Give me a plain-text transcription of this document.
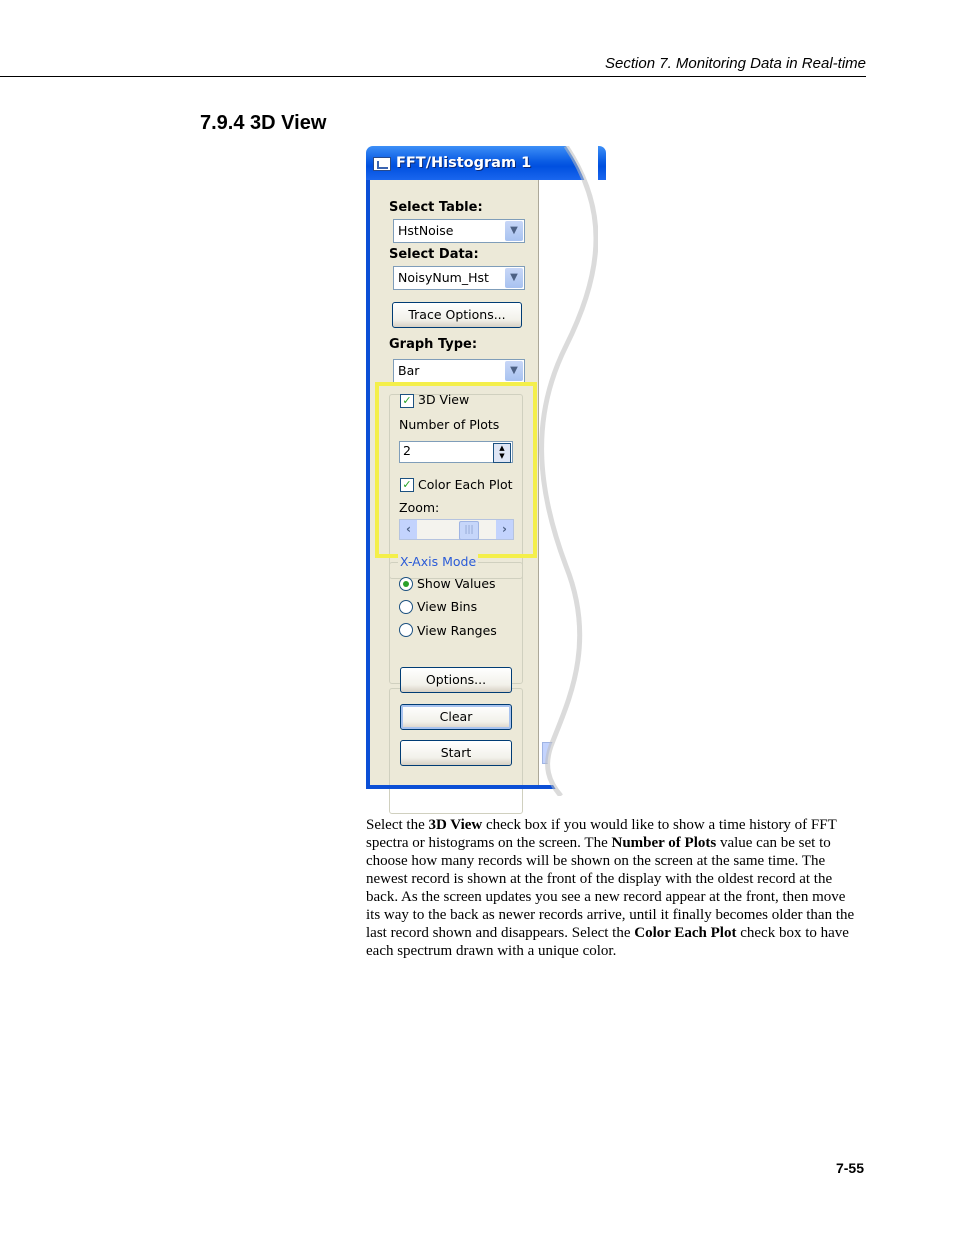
Section 7. Monitoring Data in Real-time
7.9.4 3D View
FFT/Histogram 1
Select Table:
HstNoise	▼
Select Data:
NoisyNum_Hst	▼
Trace Options...
Graph Type:
Bar	▼
✓ 3D View
Number of Plots
2	▲
▼
✓ Color Each Plot
Zoom:
‹	|||	›
X-Axis Mode
Show Values
View Bins
View Ranges
Options...
Clear
Start
Select the 3D View check box if you would like to show a time history of FFT spectra or histograms on the screen. The Number of Plots value can be set to choose how many records will be shown on the screen at the same time. The newest record is shown at the front of the display with the oldest record at the back. As the screen updates you see a new record appear at the front, then move its way to the back as newer records arrive, until it finally becomes older than the last record shown and disappears. Select the Color Each Plot check box to have each spectrum drawn with a unique color.
7-55
